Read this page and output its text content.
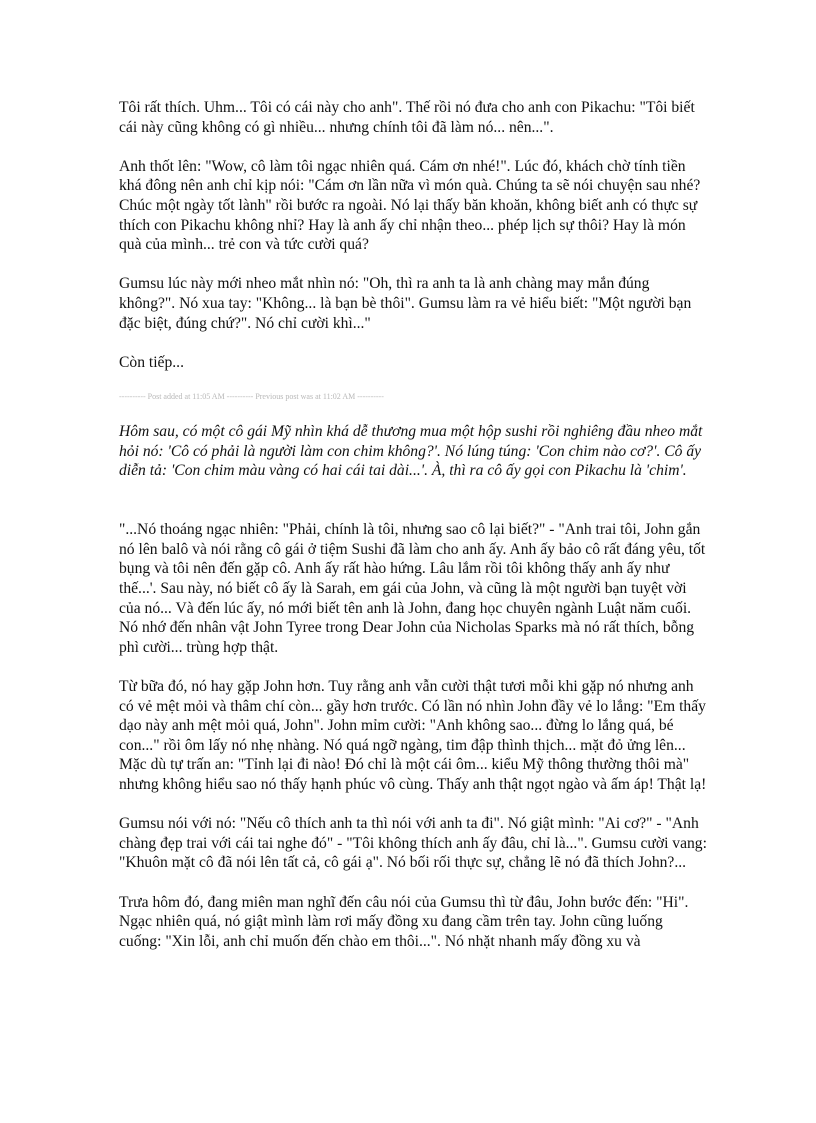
Tôi rất thích. Uhm... Tôi có cái này cho anh". Thế rồi nó đưa cho anh con Pikachu: "Tôi biết cái này cũng không có gì nhiều... nhưng chính tôi đã làm nó... nên...".

Anh thốt lên: "Wow, cô làm tôi ngạc nhiên quá. Cám ơn nhé!". Lúc đó, khách chờ tính tiền khá đông nên anh chỉ kịp nói: "Cám ơn lần nữa vì món quà. Chúng ta sẽ nói chuyện sau nhé? Chúc một ngày tốt lành" rồi bước ra ngoài. Nó lại thấy băn khoăn, không biết anh có thực sự thích con Pikachu không nhỉ? Hay là anh ấy chỉ nhận theo... phép lịch sự thôi? Hay là món quà của mình... trẻ con và tức cười quá?

Gumsu lúc này mới nheo mắt nhìn nó: "Oh, thì ra anh ta là anh chàng may mắn đúng không?". Nó xua tay: "Không... là bạn bè thôi". Gumsu làm ra vẻ hiểu biết: "Một người bạn đặc biệt, đúng chứ?". Nó chỉ cười khì..."

Còn tiếp...

---------- Post added at 11:05 AM ---------- Previous post was at 11:02 AM ----------

Hôm sau, có một cô gái Mỹ nhìn khá dễ thương mua một hộp sushi rồi nghiêng đầu nheo mắt hỏi nó: 'Cô có phải là người làm con chim không?'. Nó lúng túng: 'Con chim nào cơ?'. Cô ấy diễn tả: 'Con chim màu vàng có hai cái tai dài...'. À, thì ra cô ấy gọi con Pikachu là 'chim'.

"...Nó thoáng ngạc nhiên: "Phải, chính là tôi, nhưng sao cô lại biết?" - "Anh trai tôi, John gắn nó lên balô và nói rằng cô gái ở tiệm Sushi đã làm cho anh ấy. Anh ấy bảo cô rất đáng yêu, tốt bụng và tôi nên đến gặp cô. Anh ấy rất hào hứng. Lâu lắm rồi tôi không thấy anh ấy như thế...'. Sau này, nó biết cô ấy là Sarah, em gái của John, và cũng là một người bạn tuyệt vời của nó... Và đến lúc ấy, nó mới biết tên anh là John, đang học chuyên ngành Luật năm cuối. Nó nhớ đến nhân vật John Tyree trong Dear John của Nicholas Sparks mà nó rất thích, bỗng phì cười... trùng hợp thật.

Từ bữa đó, nó hay gặp John hơn. Tuy rằng anh vẫn cười thật tươi mỗi khi gặp nó nhưng anh có vẻ mệt mỏi và thâm chí còn... gầy hơn trước. Có lần nó nhìn John đầy vẻ lo lắng: "Em thấy dạo này anh mệt mỏi quá, John". John mỉm cười: "Anh không sao... đừng lo lắng quá, bé con..." rồi ôm lấy nó nhẹ nhàng. Nó quá ngỡ ngàng, tim đập thình thịch... mặt đỏ ửng lên... Mặc dù tự trấn an: "Tỉnh lại đi nào! Đó chỉ là một cái ôm... kiểu Mỹ thông thường thôi mà" nhưng không hiểu sao nó thấy hạnh phúc vô cùng. Thấy anh thật ngọt ngào và ấm áp! Thật lạ!

Gumsu nói với nó: "Nếu cô thích anh ta thì nói với anh ta đi". Nó giật mình: "Ai cơ?" - "Anh chàng đẹp trai với cái tai nghe đó" - "Tôi không thích anh ấy đâu, chỉ là...". Gumsu cười vang: "Khuôn mặt cô đã nói lên tất cả, cô gái ạ". Nó bối rối thực sự, chẳng lẽ nó đã thích John?...

Trưa hôm đó, đang miên man nghĩ đến câu nói của Gumsu thì từ đâu, John bước đến: "Hi". Ngạc nhiên quá, nó giật mình làm rơi mấy đồng xu đang cầm trên tay. John cũng luống cuống: "Xin lỗi, anh chỉ muốn đến chào em thôi...". Nó nhặt nhanh mấy đồng xu và
